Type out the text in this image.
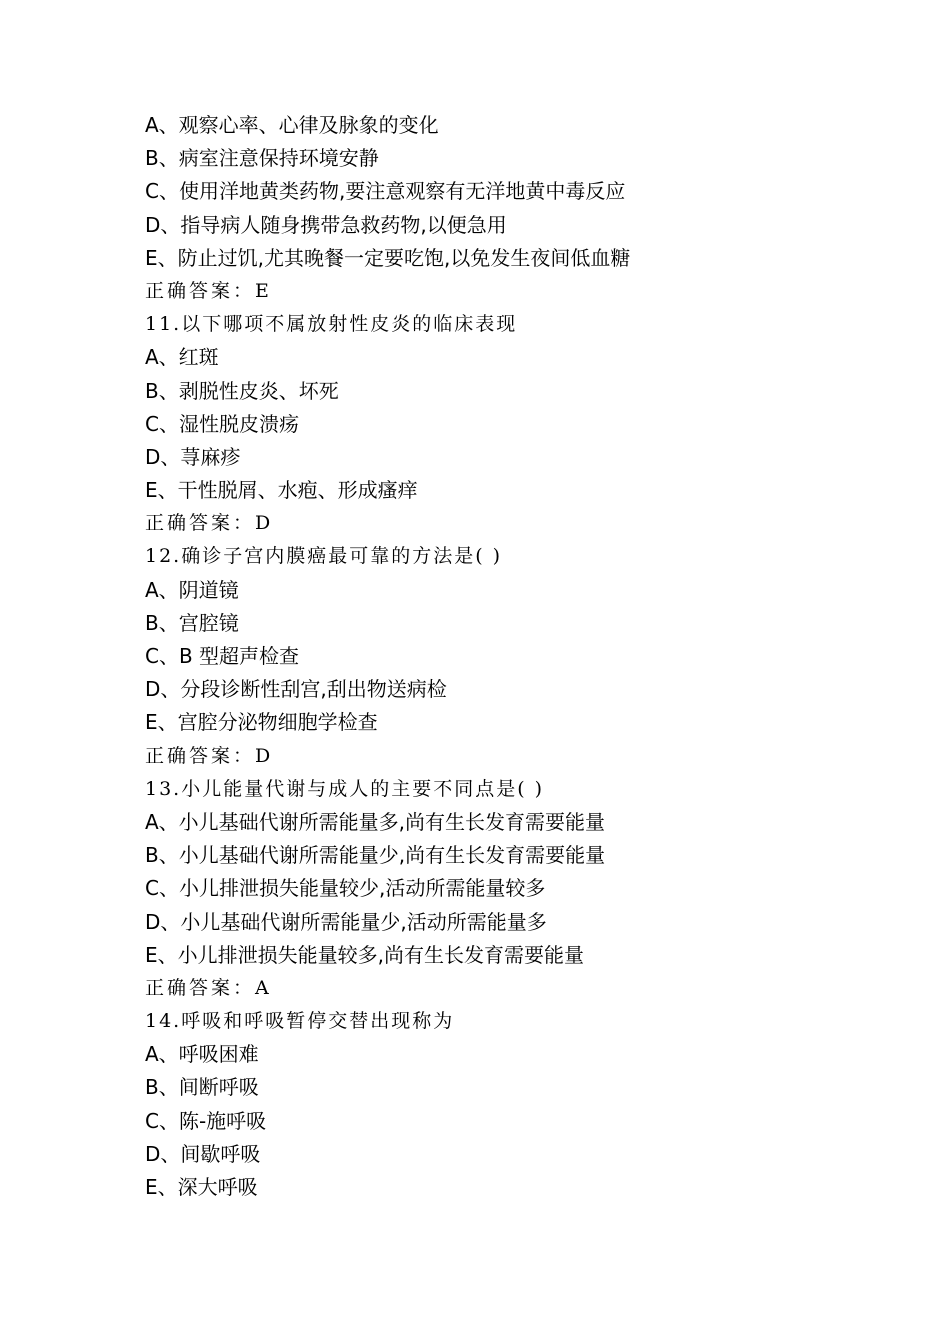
A、观察心率、心律及脉象的变化
B、病室注意保持环境安静
C、使用洋地黄类药物,要注意观察有无洋地黄中毒反应
D、指导病人随身携带急救药物,以便急用
E、防止过饥,尤其晚餐一定要吃饱,以免发生夜间低血糖
正确答案：E
11.以下哪项不属放射性皮炎的临床表现
A、红斑
B、剥脱性皮炎、坏死
C、湿性脱皮溃疡
D、荨麻疹
E、干性脱屑、水疱、形成瘙痒
正确答案：D
12.确诊子宫内膜癌最可靠的方法是( )
A、阴道镜
B、宫腔镜
C、B 型超声检查
D、分段诊断性刮宫,刮出物送病检
E、宫腔分泌物细胞学检查
正确答案：D
13.小儿能量代谢与成人的主要不同点是( )
A、小儿基础代谢所需能量多,尚有生长发育需要能量
B、小儿基础代谢所需能量少,尚有生长发育需要能量
C、小儿排泄损失能量较少,活动所需能量较多
D、小儿基础代谢所需能量少,活动所需能量多
E、小儿排泄损失能量较多,尚有生长发育需要能量
正确答案：A
14.呼吸和呼吸暂停交替出现称为
A、呼吸困难
B、间断呼吸
C、陈-施呼吸
D、间歇呼吸
E、深大呼吸
